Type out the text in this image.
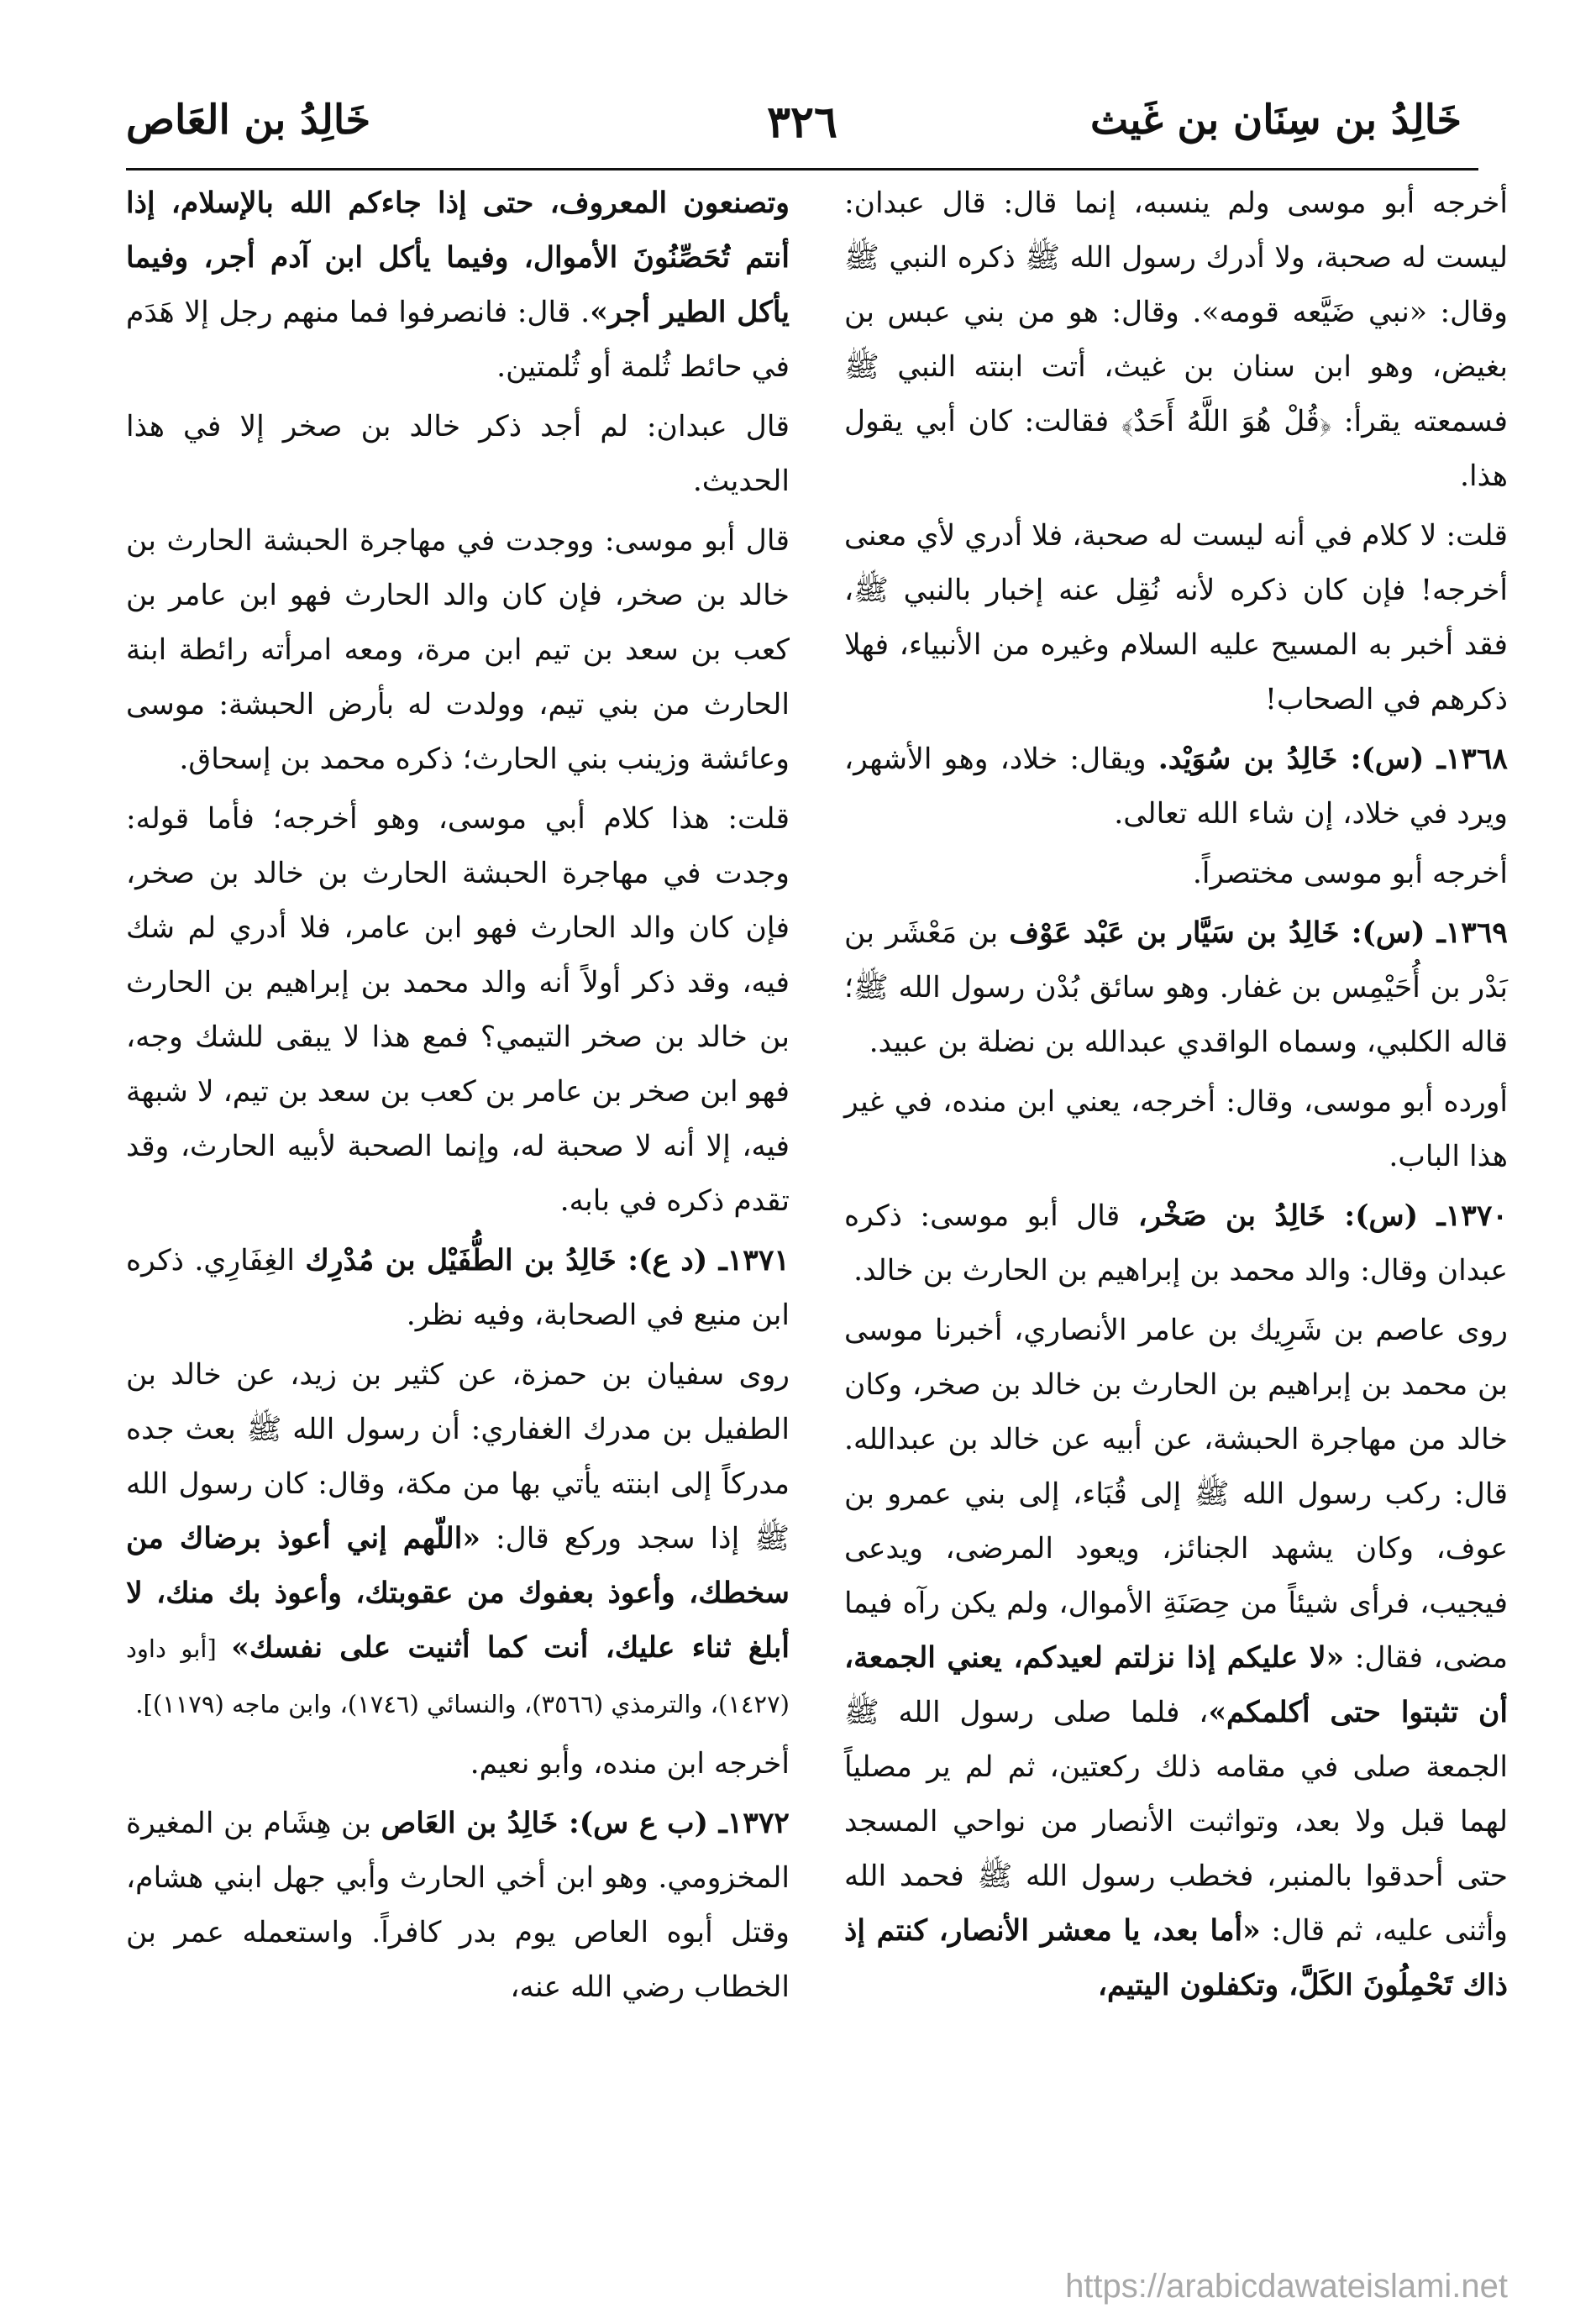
خَالِدُ بن سِنَان بن غَيث
٣٢٦
خَالِدُ بن العَاص

أخرجه أبو موسى ولم ينسبه، إنما قال: قال عبدان: ليست له صحبة، ولا أدرك رسول الله ﷺ ذكره النبي ﷺ وقال: «نبي ضَيَّعه قومه». وقال: هو من بني عبس بن بغيض، وهو ابن سنان بن غيث، أتت ابنته النبي ﷺ فسمعته يقرأ: ﴿قُلْ هُوَ اللَّهُ أَحَدٌ﴾ فقالت: كان أبي يقول هذا.

قلت: لا كلام في أنه ليست له صحبة، فلا أدري لأي معنى أخرجه! فإن كان ذكره لأنه نُقِل عنه إخبار بالنبي ﷺ، فقد أخبر به المسيح عليه السلام وغيره من الأنبياء، فهلا ذكرهم في الصحاب!

١٣٦٨ـ (س): خَالِدُ بن سُوَيْد. ويقال: خلاد، وهو الأشهر، ويرد في خلاد، إن شاء الله تعالى.

أخرجه أبو موسى مختصراً.

١٣٦٩ـ (س): خَالِدُ بن سَيَّار بن عَبْد عَوْف بن مَعْشَر بن بَدْر بن أُحَيْمِس بن غفار. وهو سائق بُدْن رسول الله ﷺ؛ قاله الكلبي، وسماه الواقدي عبدالله بن نضلة بن عبيد.

أورده أبو موسى، وقال: أخرجه، يعني ابن منده، في غير هذا الباب.

١٣٧٠ـ (س): خَالِدُ بن صَخْر، قال أبو موسى: ذكره عبدان وقال: والد محمد بن إبراهيم بن الحارث بن خالد.

روى عاصم بن شَرِيك بن عامر الأنصاري، أخبرنا موسى بن محمد بن إبراهيم بن الحارث بن خالد بن صخر، وكان خالد من مهاجرة الحبشة، عن أبيه عن خالد بن عبدالله. قال: ركب رسول الله ﷺ إلى قُبَاء، إلى بني عمرو بن عوف، وكان يشهد الجنائز، ويعود المرضى، ويدعى فيجيب، فرأى شيئاً من حِصَنَةِ الأموال، ولم يكن رآه فيما مضى، فقال: «لا عليكم إذا نزلتم لعيدكم، يعني الجمعة، أن تثبتوا حتى أكلمكم»، فلما صلى رسول الله ﷺ الجمعة صلى في مقامه ذلك ركعتين، ثم لم ير مصلياً لهما قبل ولا بعد، وتواثبت الأنصار من نواحي المسجد حتى أحدقوا بالمنبر، فخطب رسول الله ﷺ فحمد الله وأثنى عليه، ثم قال: «أما بعد، يا معشر الأنصار، كنتم إذ ذاك تَحْمِلُونَ الكَلَّ، وتكفلون اليتيم،

وتصنعون المعروف، حتى إذا جاءكم الله بالإسلام، إذا أنتم تُحَصِّنُونَ الأموال، وفيما يأكل ابن آدم أجر، وفيما يأكل الطير أجر». قال: فانصرفوا فما منهم رجل إلا هَدَم في حائط ثُلمة أو ثُلمتين.

قال عبدان: لم أجد ذكر خالد بن صخر إلا في هذا الحديث.

قال أبو موسى: ووجدت في مهاجرة الحبشة الحارث بن خالد بن صخر، فإن كان والد الحارث فهو ابن عامر بن كعب بن سعد بن تيم ابن مرة، ومعه امرأته رائطة ابنة الحارث من بني تيم، وولدت له بأرض الحبشة: موسى وعائشة وزينب بني الحارث؛ ذكره محمد بن إسحاق.

قلت: هذا كلام أبي موسى، وهو أخرجه؛ فأما قوله: وجدت في مهاجرة الحبشة الحارث بن خالد بن صخر، فإن كان والد الحارث فهو ابن عامر، فلا أدري لم شك فيه، وقد ذكر أولاً أنه والد محمد بن إبراهيم بن الحارث بن خالد بن صخر التيمي؟ فمع هذا لا يبقى للشك وجه، فهو ابن صخر بن عامر بن كعب بن سعد بن تيم، لا شبهة فيه، إلا أنه لا صحبة له، وإنما الصحبة لأبيه الحارث، وقد تقدم ذكره في بابه.

١٣٧١ـ (د ع): خَالِدُ بن الطُّفَيْل بن مُدْرِك الغِفَارِي. ذكره ابن منيع في الصحابة، وفيه نظر.

روى سفيان بن حمزة، عن كثير بن زيد، عن خالد بن الطفيل بن مدرك الغفاري: أن رسول الله ﷺ بعث جده مدركاً إلى ابنته يأتي بها من مكة، وقال: كان رسول الله ﷺ إذا سجد وركع قال: «اللّهم إني أعوذ برضاك من سخطك، وأعوذ بعفوك من عقوبتك، وأعوذ بك منك، لا أبلغ ثناء عليك، أنت كما أثنيت على نفسك» [أبو داود (١٤٢٧)، والترمذي (٣٥٦٦)، والنسائي (١٧٤٦)، وابن ماجه (١١٧٩)].

أخرجه ابن منده، وأبو نعيم.

١٣٧٢ـ (ب ع س): خَالِدُ بن العَاص بن هِشَام بن المغيرة المخزومي. وهو ابن أخي الحارث وأبي جهل ابني هشام، وقتل أبوه العاص يوم بدر كافراً. واستعمله عمر بن الخطاب رضي الله عنه،

https://arabicdawateislami.net
